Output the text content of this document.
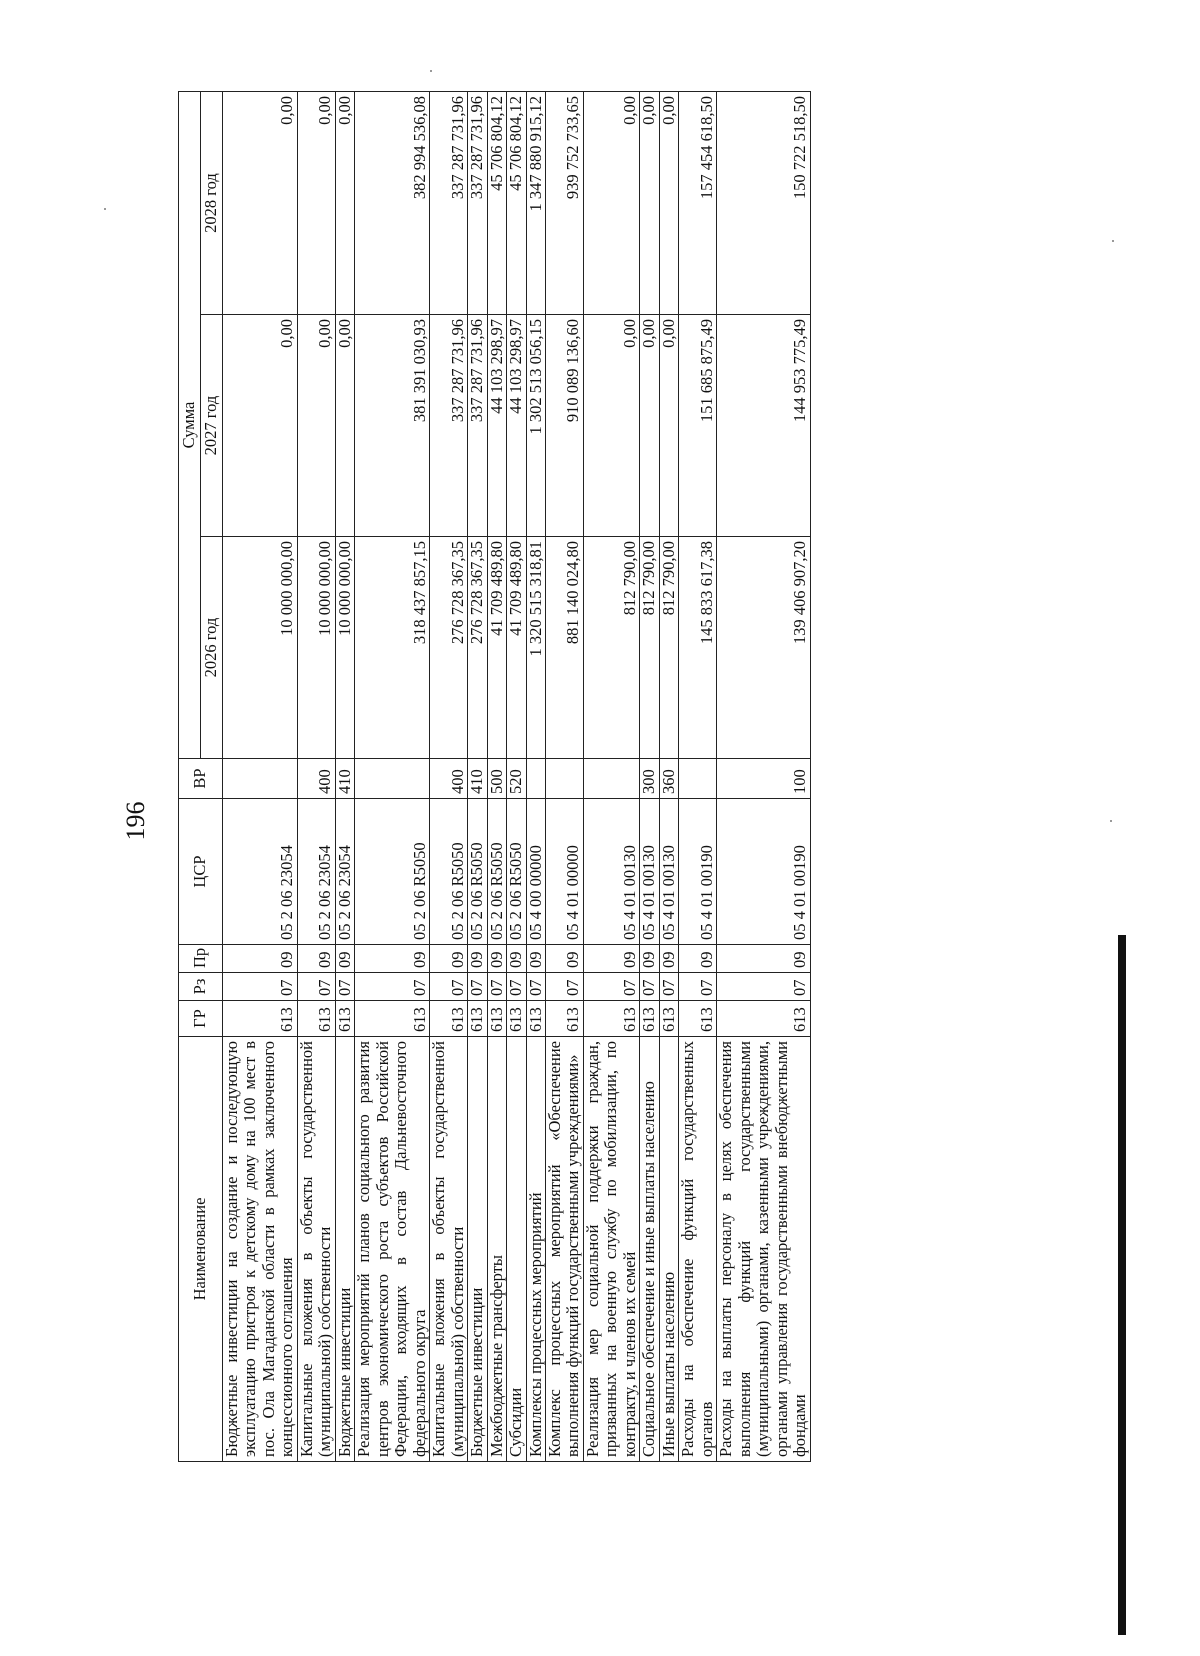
196
Наименование	ГР	Рз	Пр	ЦСР	ВР	Сумма		
						2026 год	2027 год	2028 год
Бюджетные инвестиции на создание и последующую эксплуатацию пристроя к детскому дому на 100 мест в пос. Ола Магаданской области в рамках заключенного концессионного соглашения	613	07	09	05 2 06 23054		10 000 000,00	0,00	0,00
Капитальные вложения в объекты государственной (муниципальной) собственности	613	07	09	05 2 06 23054	400	10 000 000,00	0,00	0,00
Бюджетные инвестиции	613	07	09	05 2 06 23054	410	10 000 000,00	0,00	0,00
Реализация мероприятий планов социального развития центров экономического роста субъектов Российской Федерации, входящих в состав Дальневосточного федерального округа	613	07	09	05 2 06 R5050		318 437 857,15	381 391 030,93	382 994 536,08
Капитальные вложения в объекты государственной (муниципальной) собственности	613	07	09	05 2 06 R5050	400	276 728 367,35	337 287 731,96	337 287 731,96
Бюджетные инвестиции	613	07	09	05 2 06 R5050	410	276 728 367,35	337 287 731,96	337 287 731,96
Межбюджетные трансферты	613	07	09	05 2 06 R5050	500	41 709 489,80	44 103 298,97	45 706 804,12
Субсидии	613	07	09	05 2 06 R5050	520	41 709 489,80	44 103 298,97	45 706 804,12
Комплексы процессных мероприятий	613	07	09	05 4 00 00000		1 320 515 318,81	1 302 513 056,15	1 347 880 915,12
Комплекс процессных мероприятий «Обеспечение выполнения функций государственными учреждениями»	613	07	09	05 4 01 00000		881 140 024,80	910 089 136,60	939 752 733,65
Реализация мер социальной поддержки граждан, призванных на военную службу по мобилизации, по контракту, и членов их семей	613	07	09	05 4 01 00130		812 790,00	0,00	0,00
Социальное обеспечение и иные выплаты населению	613	07	09	05 4 01 00130	300	812 790,00	0,00	0,00
Иные выплаты населению	613	07	09	05 4 01 00130	360	812 790,00	0,00	0,00
Расходы на обеспечение функций государственных органов	613	07	09	05 4 01 00190		145 833 617,38	151 685 875,49	157 454 618,50
Расходы на выплаты персоналу в целях обеспечения выполнения функций государственными (муниципальными) органами, казенными учреждениями, органами управления государственными внебюджетными фондами	613	07	09	05 4 01 00190	100	139 406 907,20	144 953 775,49	150 722 518,50
